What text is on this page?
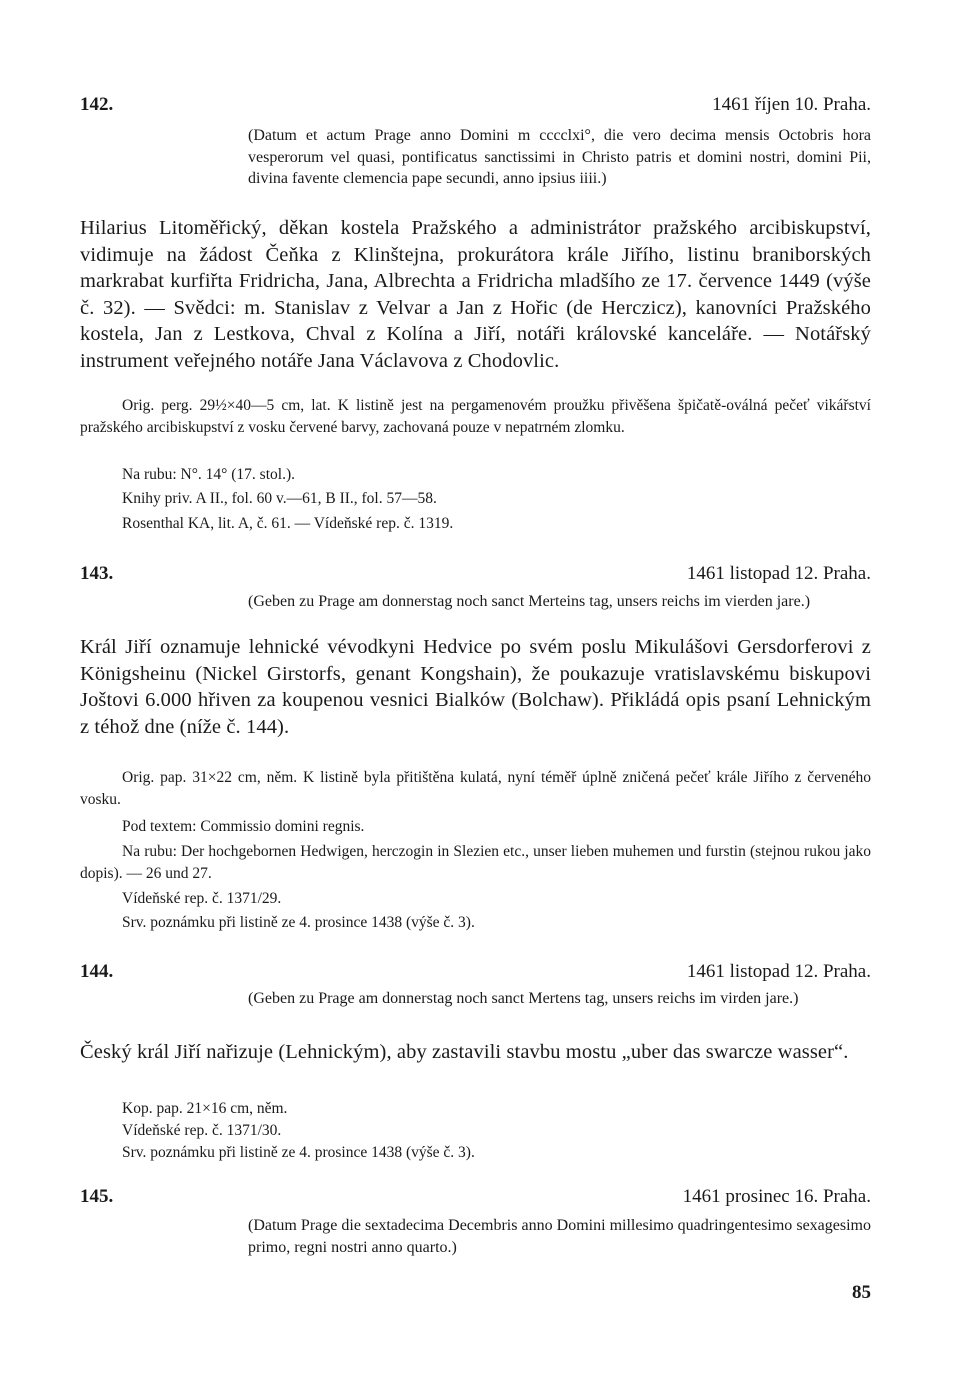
142.	1461 říjen 10. Praha.
(Datum et actum Prage anno Domini m cccclxi°, die vero decima mensis Octobris hora vesperorum vel quasi, pontificatus sanctissimi in Christo patris et domini nostri, domini Pii, divina favente clemencia pape secundi, anno ipsius iiii.)
Hilarius Litoměřický, děkan kostela Pražského a administrátor pražského arcibiskupství, vidimuje na žádost Čeňka z Klinštejna, prokurátora krále Jiřího, listinu braniborských markrabat kurfiřta Fridricha, Jana, Albrechta a Fridricha mladšího ze 17. července 1449 (výše č. 32). — Svědci: m. Stanislav z Velvar a Jan z Hořic (de Herczicz), kanovníci Pražského kostela, Jan z Lestkova, Chval z Kolína a Jiří, notáři královské kanceláře. — Notářský instrument veřejného notáře Jana Václavova z Chodovlic.
Orig. perg. 29½×40—5 cm, lat. K listině jest na pergamenovém proužku přivěšena špičatě-oválná pečeť vikářství pražského arcibiskupství z vosku červené barvy, zachovaná pouze v nepatrném zlomku.
Na rubu: N°. 14° (17. stol.).
Knihy priv. A II., fol. 60 v.—61, B II., fol. 57—58.
Rosenthal KA, lit. A, č. 61. — Vídeňské rep. č. 1319.
143.	1461 listopad 12. Praha.
(Geben zu Prage am donnerstag noch sanct Merteins tag, unsers reichs im vierden jare.)
Král Jiří oznamuje lehnické vévodkyni Hedvice po svém poslu Mikulášovi Gersdorferovi z Königsheinu (Nickel Girstorfs, genant Kongshain), že poukazuje vratislavskému biskupovi Joštovi 6.000 hřiven za koupenou vesnici Bialków (Bolchaw). Přikládá opis psaní Lehnickým z téhož dne (níže č. 144).
Orig. pap. 31×22 cm, něm. K listině byla přitištěna kulatá, nyní téměř úplně zničená pečeť krále Jiřího z červeného vosku.
Pod textem: Commissio domini regnis.
Na rubu: Der hochgebornen Hedwigen, herczogin in Slezien etc., unser lieben muhemen und furstin (stejnou rukou jako dopis). — 26 und 27.
Vídeňské rep. č. 1371/29.
Srv. poznámku při listině ze 4. prosince 1438 (výše č. 3).
144.	1461 listopad 12. Praha.
(Geben zu Prage am donnerstag noch sanct Mertens tag, unsers reichs im virden jare.)
Český král Jiří nařizuje (Lehnickým), aby zastavili stavbu mostu „uber das swarcze wasser“.
Kop. pap. 21×16 cm, něm.
Vídeňské rep. č. 1371/30.
Srv. poznámku při listině ze 4. prosince 1438 (výše č. 3).
145.	1461 prosinec 16. Praha.
(Datum Prage die sextadecima Decembris anno Domini millesimo quadringentesimo sexagesimo primo, regni nostri anno quarto.)
85
